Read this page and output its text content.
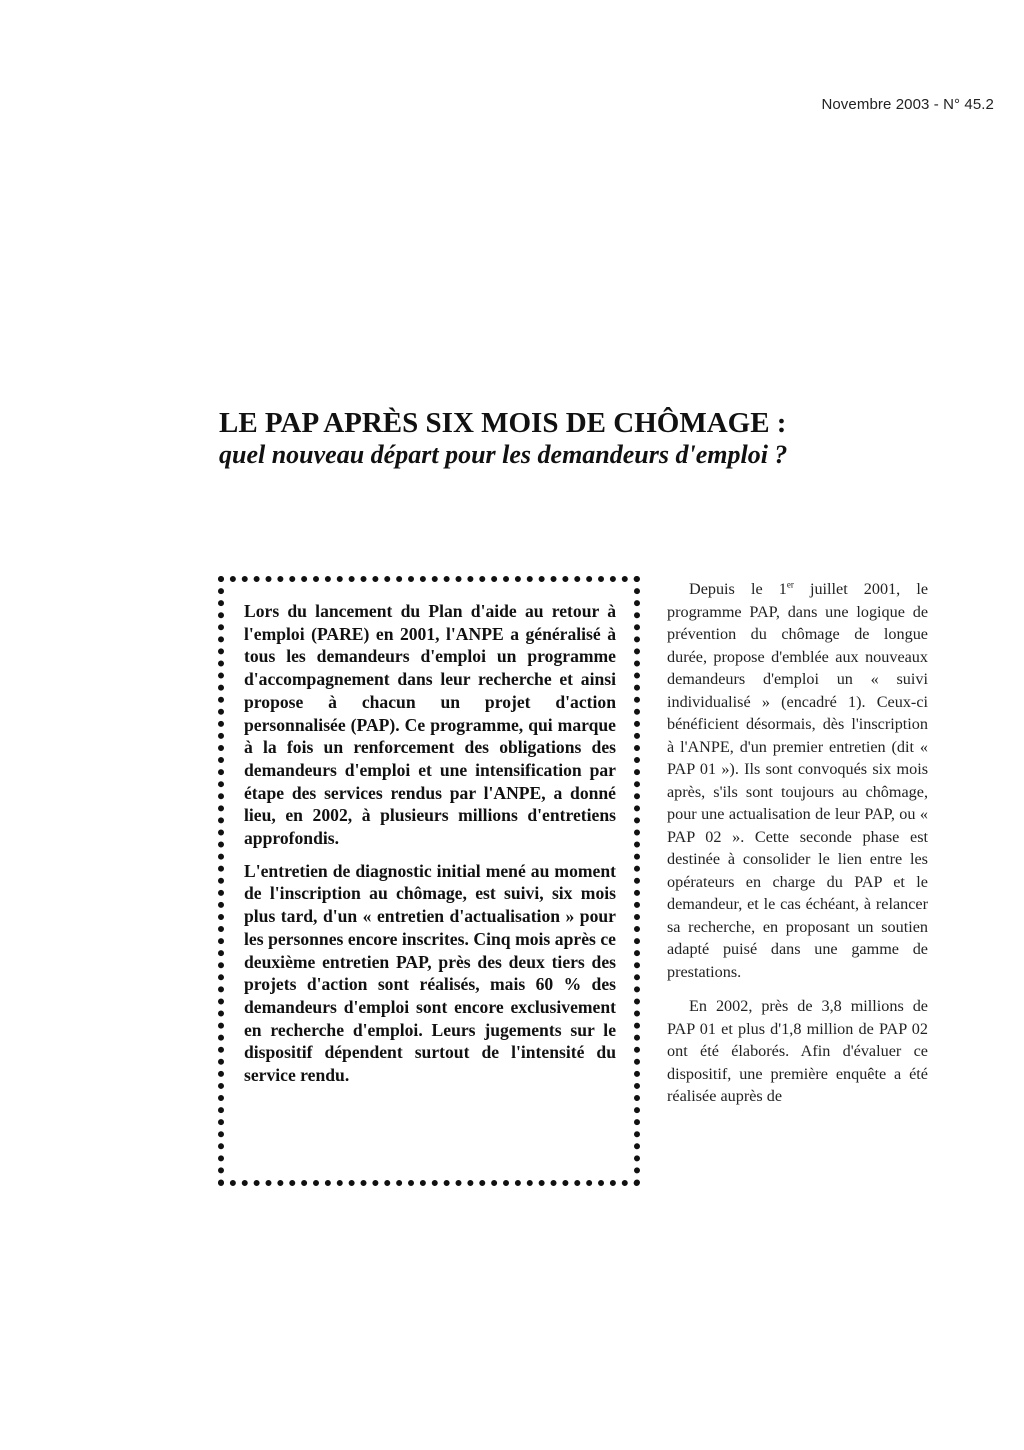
Novembre 2003 - N° 45.2
LE PAP APRÈS SIX MOIS DE CHÔMAGE :
quel nouveau départ pour les demandeurs d'emploi ?

Lors du lancement du Plan d'aide au retour à l'emploi (PARE) en 2001, l'ANPE a généralisé à tous les demandeurs d'emploi un programme d'accompagnement dans leur recherche et ainsi propose à chacun un projet d'action personnalisée (PAP). Ce programme, qui marque à la fois un renforcement des obligations des demandeurs d'emploi et une intensification par étape des services rendus par l'ANPE, a donné lieu, en 2002, à plusieurs millions d'entretiens approfondis.

L'entretien de diagnostic initial mené au moment de l'inscription au chômage, est suivi, six mois plus tard, d'un « entretien d'actualisation » pour les personnes encore inscrites. Cinq mois après ce deuxième entretien PAP, près des deux tiers des projets d'action sont réalisés, mais 60 % des demandeurs d'emploi sont encore exclusivement en recherche d'emploi. Leurs jugements sur le dispositif dépendent surtout de l'intensité du service rendu.

Depuis le 1er juillet 2001, le programme PAP, dans une logique de prévention du chômage de longue durée, propose d'emblée aux nouveaux demandeurs d'emploi un « suivi individualisé » (encadré 1). Ceux-ci bénéficient désormais, dès l'inscription à l'ANPE, d'un premier entretien (dit « PAP 01 »). Ils sont convoqués six mois après, s'ils sont toujours au chômage, pour une actualisation de leur PAP, ou « PAP 02 ». Cette seconde phase est destinée à consolider le lien entre les opérateurs en charge du PAP et le demandeur, et le cas échéant, à relancer sa recherche, en proposant un soutien adapté puisé dans une gamme de prestations.

En 2002, près de 3,8 millions de PAP 01 et plus d'1,8 million de PAP 02 ont été élaborés. Afin d'évaluer ce dispositif, une première enquête a été réalisée auprès de
